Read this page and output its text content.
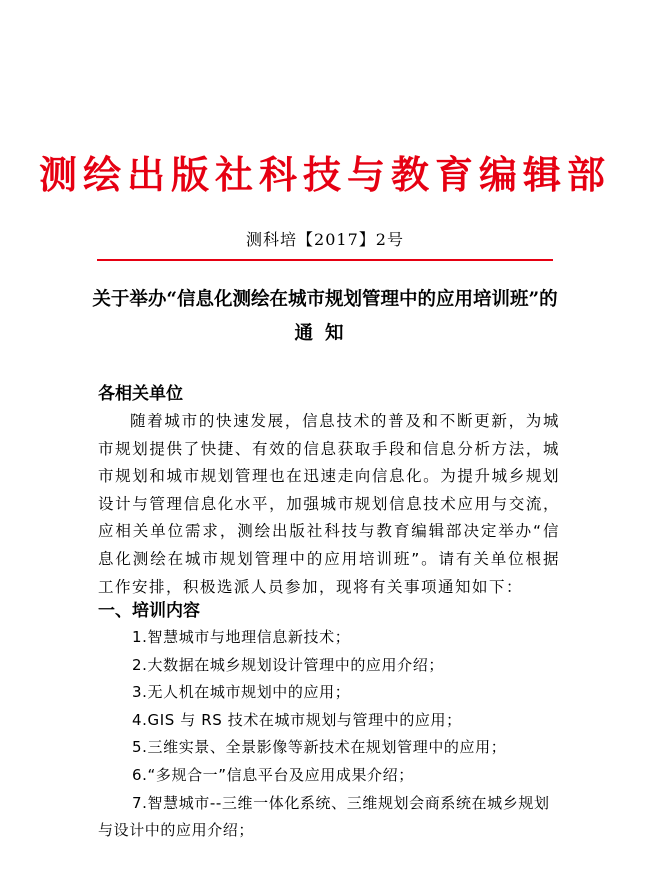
测绘出版社科技与教育编辑部
测科培【2017】2号
关于举办“信息化测绘在城市规划管理中的应用培训班”的
通知
各相关单位
随着城市的快速发展，信息技术的普及和不断更新，为城市规划提供了快捷、有效的信息获取手段和信息分析方法，城市规划和城市规划管理也在迅速走向信息化。为提升城乡规划设计与管理信息化水平，加强城市规划信息技术应用与交流，应相关单位需求，测绘出版社科技与教育编辑部决定举办“信息化测绘在城市规划管理中的应用培训班”。请有关单位根据工作安排，积极选派人员参加，现将有关事项通知如下：
一、培训内容
1.智慧城市与地理信息新技术；
2.大数据在城乡规划设计管理中的应用介绍；
3.无人机在城市规划中的应用；
4.GIS 与 RS 技术在城市规划与管理中的应用；
5.三维实景、全景影像等新技术在规划管理中的应用；
6.“多规合一”信息平台及应用成果介绍；
7.智慧城市--三维一体化系统、三维规划会商系统在城乡规划与设计中的应用介绍；
